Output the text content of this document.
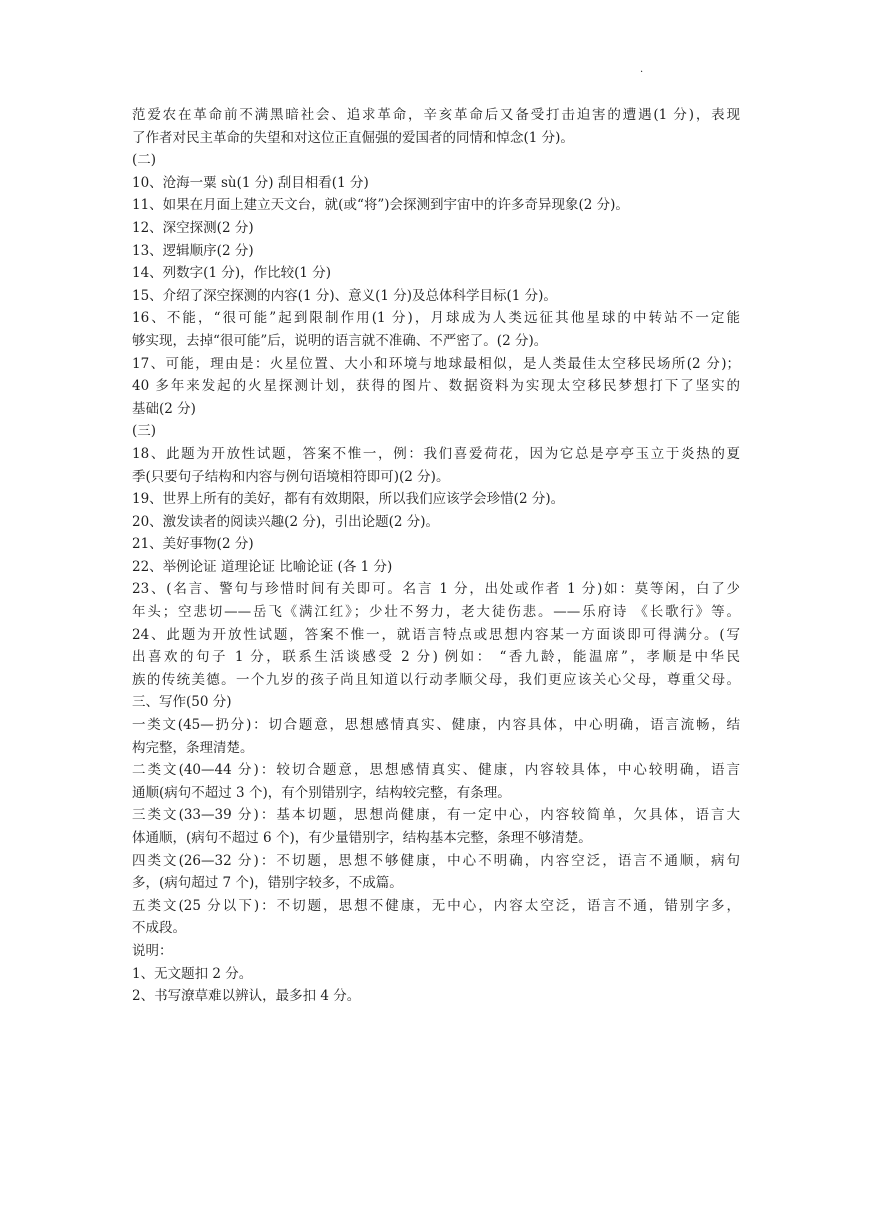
.
范爱农在革命前不满黑暗社会、追求革命，辛亥革命后又备受打击迫害的遭遇(1 分)，表现
了作者对民主革命的失望和对这位正直倔强的爱国者的同情和悼念(1 分)。
(二)
10、沧海一粟 sù(1 分) 刮目相看(1 分)
11、如果在月面上建立天文台，就(或“将”)会探测到宇宙中的许多奇异现象(2 分)。
12、深空探测(2 分)
13、逻辑顺序(2 分)
14、列数字(1 分)，作比较(1 分)
15、介绍了深空探测的内容(1 分)、意义(1 分)及总体科学目标(1 分)。
16、不能，“很可能”起到限制作用(1 分)，月球成为人类远征其他星球的中转站不一定能
够实现，去掉“很可能”后，说明的语言就不准确、不严密了。(2 分)。
17、可能，理由是：火星位置、大小和环境与地球最相似，是人类最佳太空移民场所(2 分)；
40 多年来发起的火星探测计划，获得的图片、数据资料为实现太空移民梦想打下了坚实的
基础(2 分)
(三)
18、此题为开放性试题，答案不惟一，例：我们喜爱荷花，因为它总是亭亭玉立于炎热的夏
季(只要句子结构和内容与例句语境相符即可)(2 分)。
19、世界上所有的美好，都有有效期限，所以我们应该学会珍惜(2 分)。
20、激发读者的阅读兴趣(2 分)，引出论题(2 分)。
21、美好事物(2 分)
22、举例论证 道理论证 比喻论证 (各 1 分)
23、(名言、警句与珍惜时间有关即可。名言 1 分，出处或作者 1 分)如：莫等闲，白了少
年头；空悲切——岳飞《满江红》；少壮不努力，老大徒伤悲。——乐府诗 《长歌行》等。
24、此题为开放性试题，答案不惟一，就语言特点或思想内容某一方面谈即可得满分。(写
出喜欢的句子 1 分，联系生活谈感受 2 分) 例如： “香九龄，能温席”，孝顺是中华民
族的传统美德。一个九岁的孩子尚且知道以行动孝顺父母，我们更应该关心父母，尊重父母。
三、写作(50 分)
一类文(45—扔分)：切合题意，思想感情真实、健康，内容具体，中心明确，语言流畅，结
构完整，条理清楚。
二类文(40—44 分)：较切合题意，思想感情真实、健康，内容较具体，中心较明确，语言
通顺(病句不超过 3 个)，有个别错别字，结构较完整，有条理。
三类文(33—39 分)：基本切题，思想尚健康，有一定中心，内容较简单，欠具体，语言大
体通顺，(病句不超过 6 个)，有少量错别字，结构基本完整，条理不够清楚。
四类文(26—32 分)：不切题，思想不够健康，中心不明确，内容空泛，语言不通顺，病句
多，(病句超过 7 个)，错别字较多，不成篇。
五类文(25 分以下)：不切题，思想不健康，无中心，内容太空泛，语言不通，错别字多，
不成段。
说明：
1、无文题扣 2 分。
2、书写潦草难以辨认，最多扣 4 分。
